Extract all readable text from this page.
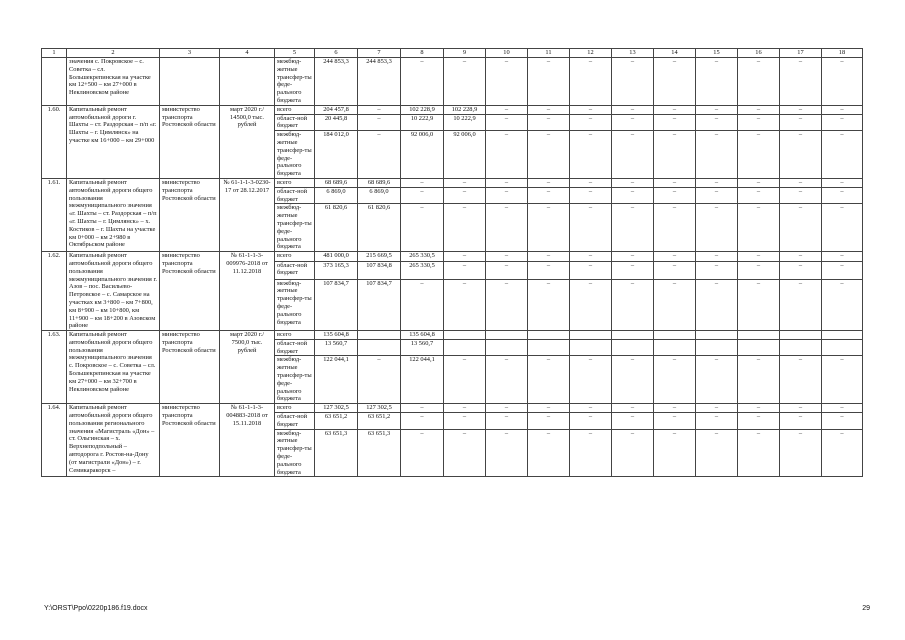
1	2	3	4	5	6	7	8	9	10	11	12	13	14	15	16	17	18
	значения с. Покровское – с. Советка – сл. Большекрепинская на участке км 12+500 – км 27+000 в Неклиновском районе			межбюд-жетные трансфер-ты феде-рального бюджета	244 853,3	244 853,3	–	–	–	–	–	–	–	–	–	–	–
1.60.	Капитальный ремонт автомобильной дороги г. Шахты – ст. Раздорская – п/п «г. Шахты – г. Цимлянск» на участке км 16+000 – км 29+000	министерство транспорта Ростовской области	март 2020 г./ 14500,0 тыс. рублей	всего	204 457,8	–	102 228,9	102 228,9	–	–	–	–	–	–	–	–	–
				област-ной бюджет	20 445,8	–	10 222,9	10 222,9	–	–	–	–	–	–	–	–	–
				межбюд-жетные трансфер-ты феде-рального бюджета	184 012,0	–	92 006,0	92 006,0	–	–	–	–	–	–	–	–	–
1.61.	Капитальный ремонт автомобильной дороги общего пользования межмуниципального значения «г. Шахты – ст. Раздорская – п/п «г. Шахты – г. Цимлянск» – х. Костиков – г. Шахты на участке км 0+000 – км 2+980 в Октябрьском районе	министерство транспорта Ростовской области	№ 61-1-1-3-0230-17 от 28.12.2017	всего	68 689,6	68 689,6	–	–	–	–	–	–	–	–	–	–	–
				област-ной бюджет	6 869,0	6 869,0	–	–	–	–	–	–	–	–	–	–	–
				межбюд-жетные трансфер-ты феде-рального бюджета	61 820,6	61 820,6	–	–	–	–	–	–	–	–	–	–	–
1.62.	Капитальный ремонт автомобильной дороги общего пользования межмуниципального значения г. Азов – пос. Васильево-Петровское – с. Самарское на участках км 3+800 – км 7+800, км 8+900 – км 10+800, км 11+900 – км 18+200 в Азовском районе	министерство транспорта Ростовской области	№ 61-1-1-3-009976-2018 от 11.12.2018	всего	481 000,0	215 669,5	265 330,5	–	–	–	–	–	–	–	–	–	–
				област-ной бюджет	373 165,3	107 834,8	265 330,5	–	–	–	–	–	–	–	–	–	–
				межбюд-жетные трансфер-ты феде-рального бюджета	107 834,7	107 834,7	–	–	–	–	–	–	–	–	–	–	–
1.63.	Капитальный ремонт автомобильной дороги общего пользования межмуниципального значения с. Покровское – с. Советка – сл. Большекрепинская на участке км 27+000 – км 32+700 в Неклиновском районе	министерство транспорта Ростовской области	март 2020 г./ 7500,0 тыс. рублей	всего	135 604,8		135 604,8										
				област-ной бюджет	13 560,7		13 560,7										
				межбюд-жетные трансфер-ты феде-рального бюджета	122 044,1	–	122 044,1	–	–	–	–	–	–	–	–	–	–
1.64.	Капитальный ремонт автомобильной дороги общего пользования регионального значения «Магистраль «Дон» – ст. Ольгинская – х. Верхнеподпольный – автодорога г. Ростов-на-Дону (от магистрали «Дон») – г. Семикаракорск –	министерство транспорта Ростовской области	№ 61-1-1-3-004883-2018 от 15.11.2018	всего	127 302,5	127 302,5	–	–	–	–	–	–	–	–	–	–	–
				област-ной бюджет	63 651,2	63 651,2	–	–	–	–	–	–	–	–	–	–	–
				межбюд-жетные трансфер-ты феде-рального бюджета	63 651,3	63 651,3	–	–	–	–	–	–	–	–	–	–	–
Y:\ORST\Ppo\0220p186.f19.docx	29
